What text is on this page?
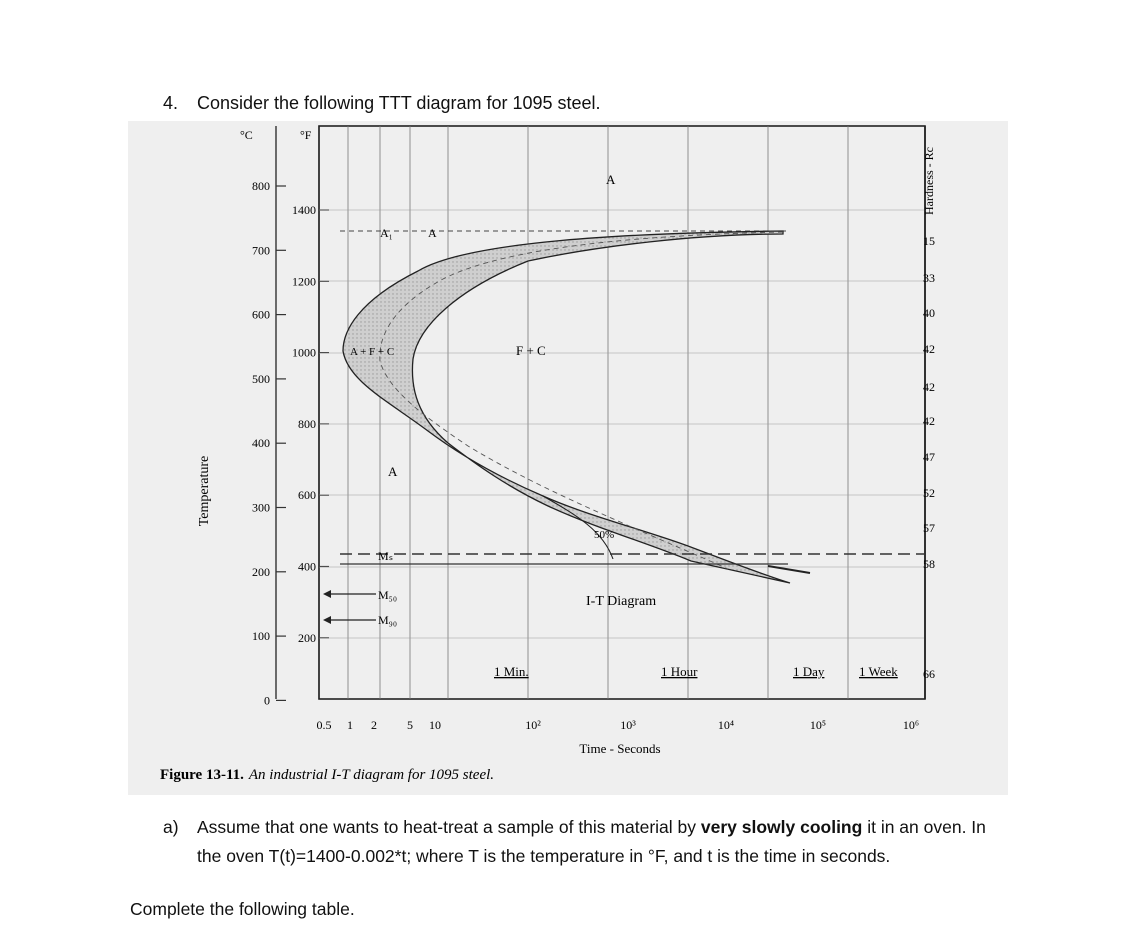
4. Consider the following TTT diagram for 1095 steel.
800
700
600
500
400
300
200
100
0
°C
1400
1200
1000
800
600
400
200
°F
Temperature
15
33
40
42
42
42
47
52
57
58
66
Hardness - Rc
A
A₁	A
A + F + C	F + C
A
Mₛ
M₅₀
M₉₀
50%
I-T Diagram
1 Min.	1 Hour	1 Day	1 Week
0.5 1 2	5 10	10²	10³	10⁴	10⁵	10⁶
Time - Seconds
Figure 13-11. An industrial I-T diagram for 1095 steel.
a) Assume that one wants to heat-treat a sample of this material by very slowly cooling it in an oven. In the oven T(t)=1400-0.002*t; where T is the temperature in °F, and t is the time in seconds.
Complete the following table.
